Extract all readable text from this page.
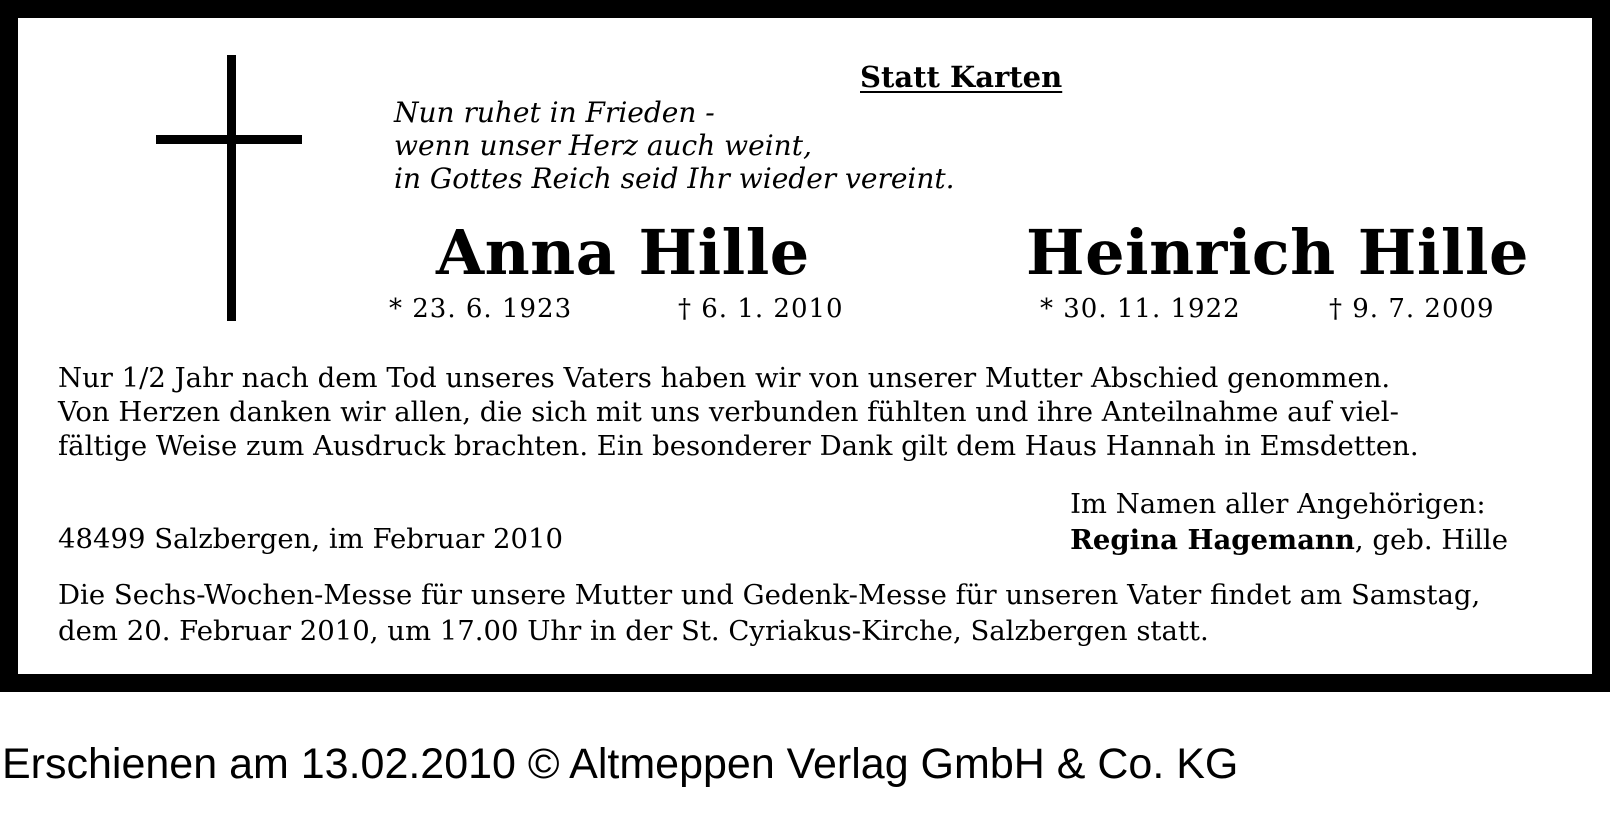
Statt Karten
Nun ruhet in Frieden -
wenn unser Herz auch weint,
in Gottes Reich seid Ihr wieder vereint.
Anna Hille	Heinrich Hille
* 23. 6. 1923	† 6. 1. 2010	* 30. 11. 1922	† 9. 7. 2009
Nur 1/2 Jahr nach dem Tod unseres Vaters haben wir von unserer Mutter Abschied genommen.
Von Herzen danken wir allen, die sich mit uns verbunden fühlten und ihre Anteilnahme auf viel-
fältige Weise zum Ausdruck brachten. Ein besonderer Dank gilt dem Haus Hannah in Emsdetten.
Im Namen aller Angehörigen:
Regina Hagemann, geb. Hille
48499 Salzbergen, im Februar 2010
Die Sechs-Wochen-Messe für unsere Mutter und Gedenk-Messe für unseren Vater findet am Samstag,
dem 20. Februar 2010, um 17.00 Uhr in der St. Cyriakus-Kirche, Salzbergen statt.
Erschienen am 13.02.2010 © Altmeppen Verlag GmbH & Co. KG
